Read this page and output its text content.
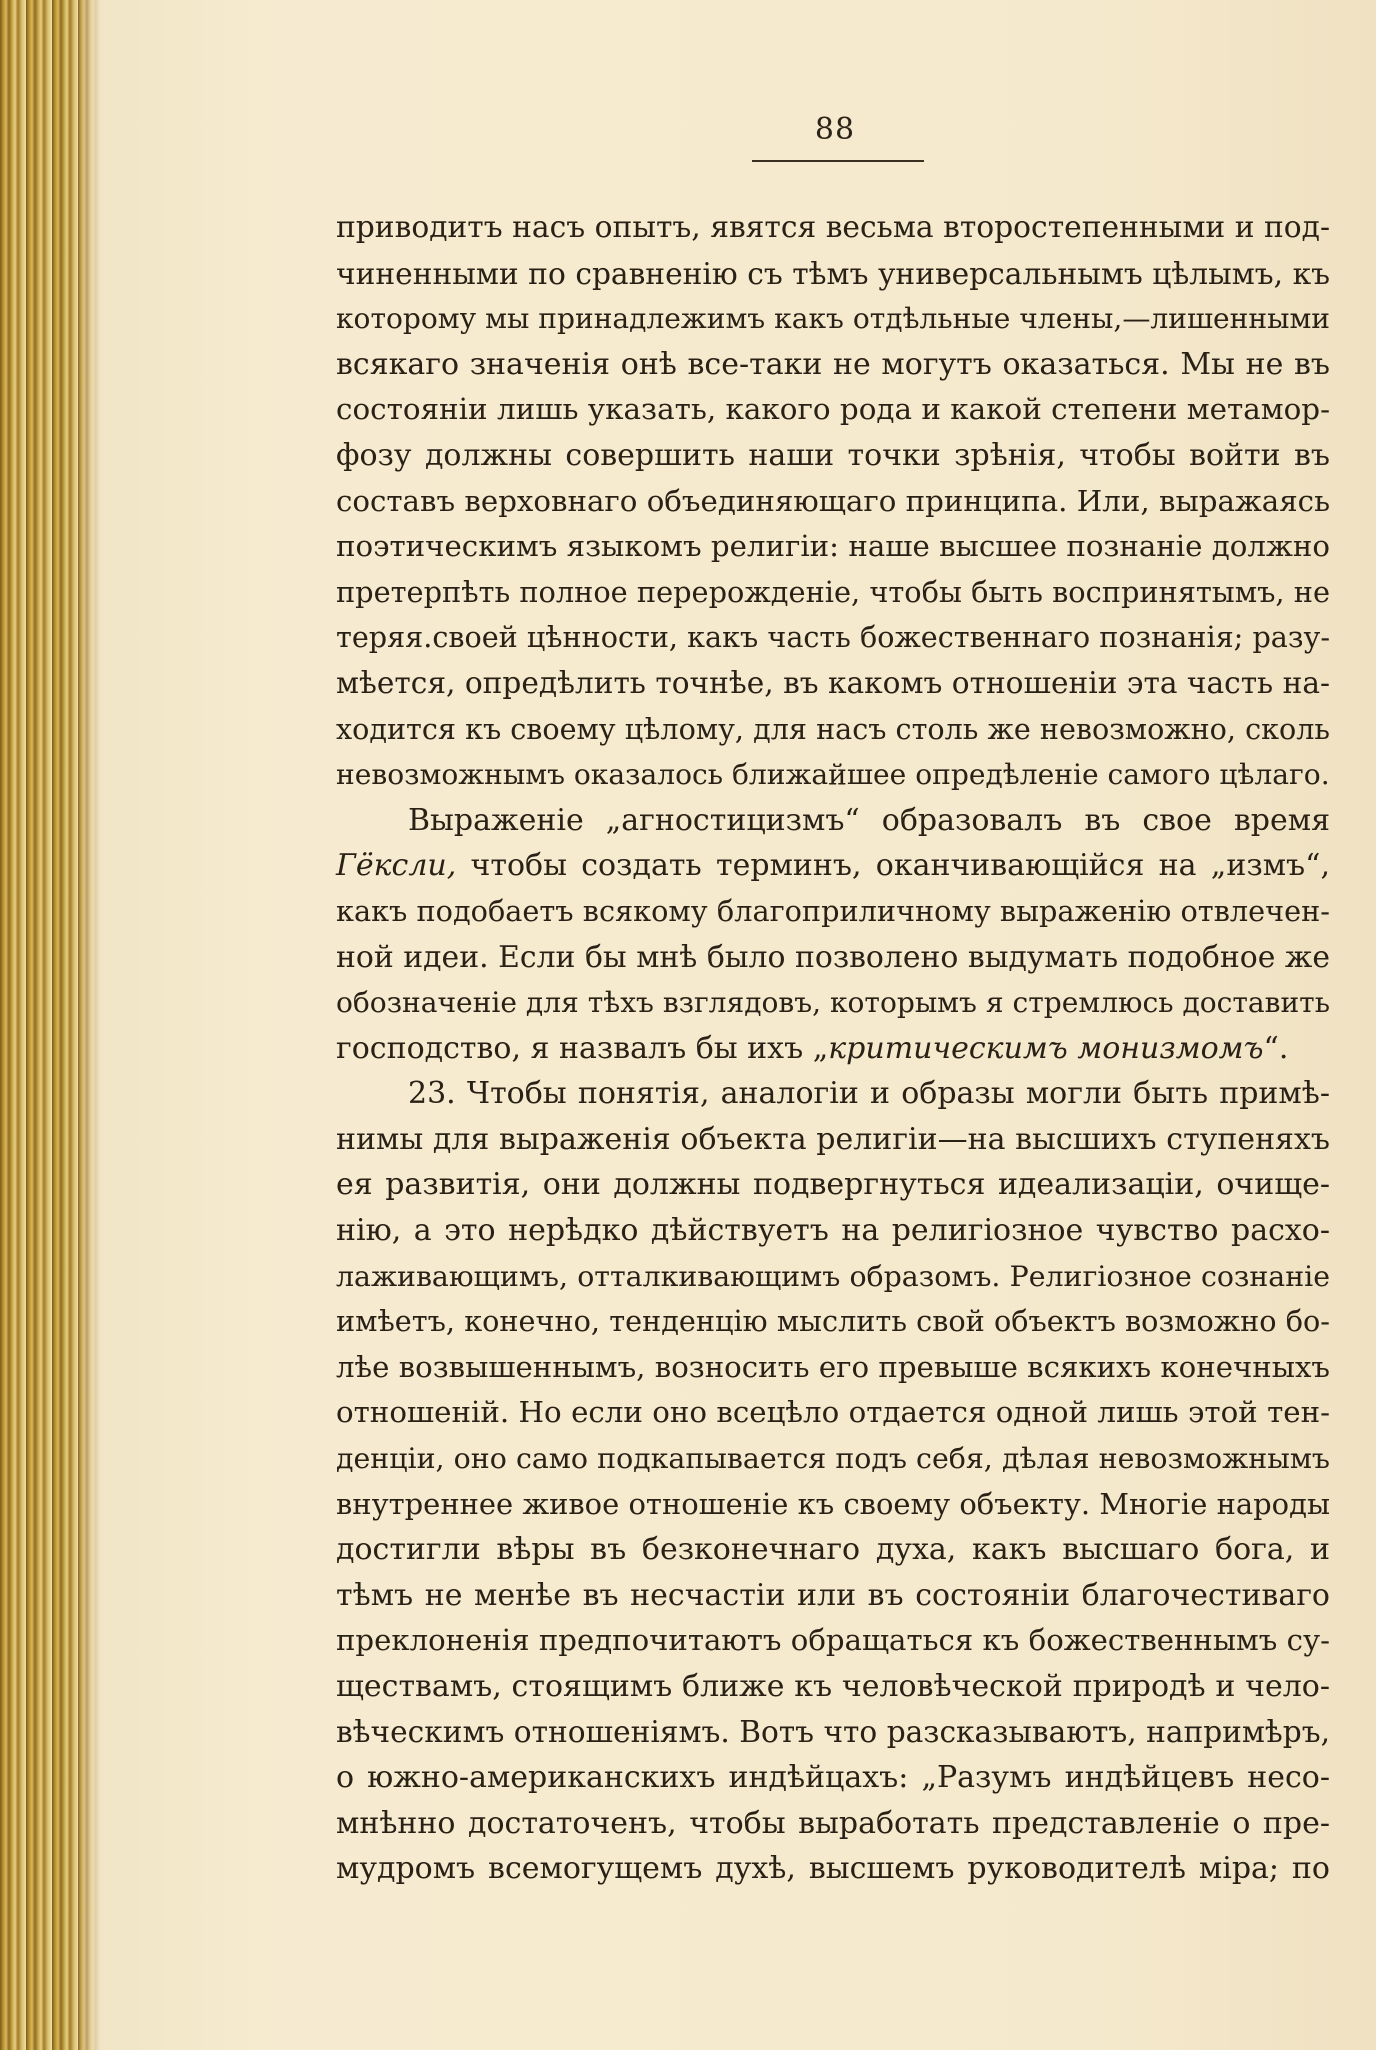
88
приводитъ насъ опытъ, явятся весьма второстепенными и под-
чиненными по сравненію съ тѣмъ универсальнымъ цѣлымъ, къ
которому мы принадлежимъ какъ отдѣльные члены,—лишенными
всякаго значенія онѣ все-таки не могутъ оказаться. Мы не въ
состояніи лишь указать, какого рода и какой степени метамор-
фозу должны совершить наши точки зрѣнія, чтобы войти въ
составъ верховнаго объединяющаго принципа. Или, выражаясь
поэтическимъ языкомъ религіи: наше высшее познаніе должно
претерпѣть полное перерожденіе, чтобы быть воспринятымъ, не
теряя.своей цѣнности, какъ часть божественнаго познанія; разу-
мѣется, опредѣлить точнѣе, въ какомъ отношеніи эта часть на-
ходится къ своему цѣлому, для насъ столь же невозможно, сколь
невозможнымъ оказалось ближайшее опредѣленіе самого цѣлаго.
Выраженіе „агностицизмъ“ образовалъ въ свое время
Гёксли, чтобы создать терминъ, оканчивающійся на „измъ“,
какъ подобаетъ всякому благоприличному выраженію отвлечен-
ной идеи. Если бы мнѣ было позволено выдумать подобное же
обозначеніе для тѣхъ взглядовъ, которымъ я стремлюсь доставить
господство, я назвалъ бы ихъ „критическимъ монизмомъ“.
23. Чтобы понятія, аналогіи и образы могли быть примѣ-
нимы для выраженія объекта религіи—на высшихъ ступеняхъ
ея развитія, они должны подвергнуться идеализаціи, очище-
нію, а это нерѣдко дѣйствуетъ на религіозное чувство расхо-
лаживающимъ, отталкивающимъ образомъ. Религіозное сознаніе
имѣетъ, конечно, тенденцію мыслить свой объектъ возможно бо-
лѣе возвышеннымъ, возносить его превыше всякихъ конечныхъ
отношеній. Но если оно всецѣло отдается одной лишь этой тен-
денціи, оно само подкапывается подъ себя, дѣлая невозможнымъ
внутреннее живое отношеніе къ своему объекту. Многіе народы
достигли вѣры въ безконечнаго духа, какъ высшаго бога, и
тѣмъ не менѣе въ несчастіи или въ состояніи благочестиваго
преклоненія предпочитаютъ обращаться къ божественнымъ су-
ществамъ, стоящимъ ближе къ человѣческой природѣ и чело-
вѣческимъ отношеніямъ. Вотъ что разсказываютъ, напримѣръ,
о южно-американскихъ индѣйцахъ: „Разумъ индѣйцевъ несо-
мнѣнно достаточенъ, чтобы выработать представленіе о пре-
мудромъ всемогущемъ духѣ, высшемъ руководителѣ міра; по
